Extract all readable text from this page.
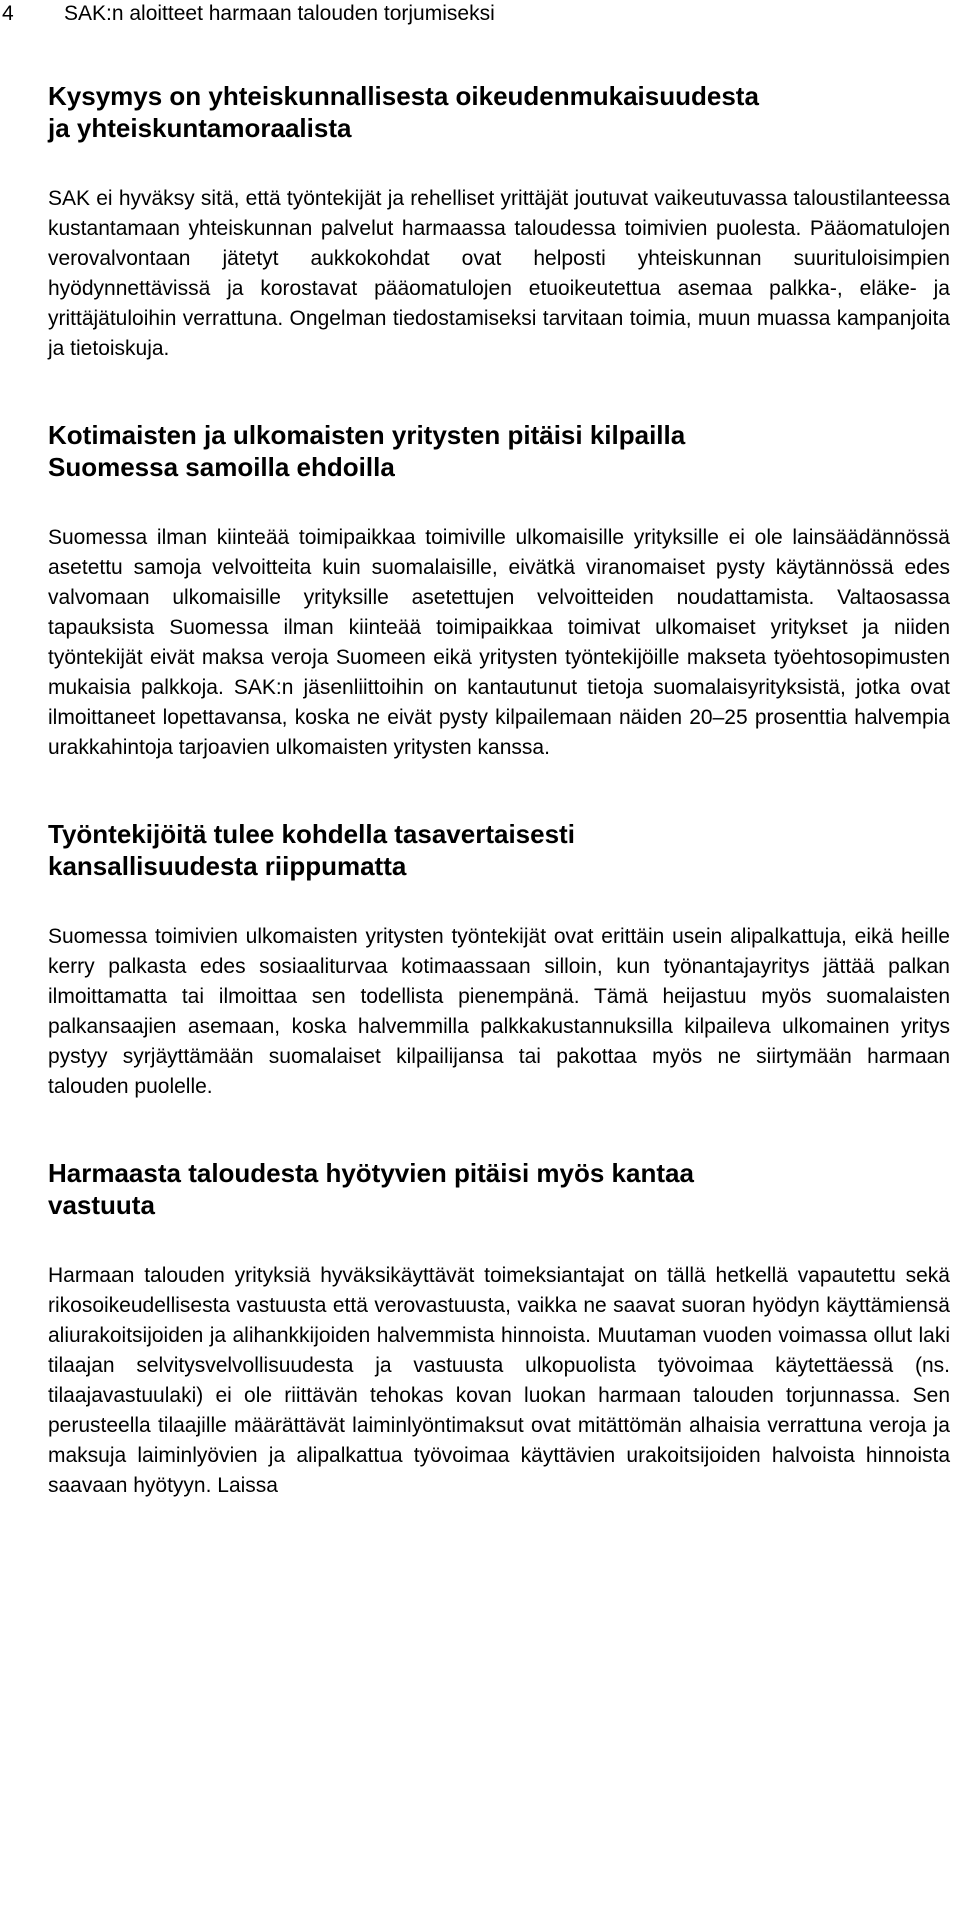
4 SAK:n aloitteet harmaan talouden torjumiseksi
Kysymys on yhteiskunnallisesta oikeudenmukaisuudesta
ja yhteiskuntamoraalista

SAK ei hyväksy sitä, että työntekijät ja rehelliset yrittäjät joutuvat vaikeutuvassa taloustilanteessa kustantamaan yhteiskunnan palvelut harmaassa taloudessa toimivien puolesta. Pääomatulojen verovalvontaan jätetyt aukkokohdat ovat helposti yhteiskunnan suurituloisimpien hyödynnettävissä ja korostavat pääomatulojen etuoikeutettua asemaa palkka-, eläke- ja yrittäjätuloihin verrattuna. Ongelman tiedostamiseksi tarvitaan toimia, muun muassa kampanjoita ja tietoiskuja.

Kotimaisten ja ulkomaisten yritysten pitäisi kilpailla
Suomessa samoilla ehdoilla

Suomessa ilman kiinteää toimipaikkaa toimiville ulkomaisille yrityksille ei ole lainsäädännössä asetettu samoja velvoitteita kuin suomalaisille, eivätkä viranomaiset pysty käytännössä edes valvomaan ulkomaisille yrityksille asetettujen velvoitteiden noudattamista. Valtaosassa tapauksista Suomessa ilman kiinteää toimipaikkaa toimivat ulkomaiset yritykset ja niiden työntekijät eivät maksa veroja Suomeen eikä yritysten työntekijöille makseta työehtosopimusten mukaisia palkkoja. SAK:n jäsenliittoihin on kantautunut tietoja suomalaisyrityksistä, jotka ovat ilmoittaneet lopettavansa, koska ne eivät pysty kilpailemaan näiden 20–25 prosenttia halvempia urakkahintoja tarjoavien ulkomaisten yritysten kanssa.

Työntekijöitä tulee kohdella tasavertaisesti
kansallisuudesta riippumatta

Suomessa toimivien ulkomaisten yritysten työntekijät ovat erittäin usein alipalkattuja, eikä heille kerry palkasta edes sosiaaliturvaa kotimaassaan silloin, kun työnantajayritys jättää palkan ilmoittamatta tai ilmoittaa sen todellista pienempänä. Tämä heijastuu myös suomalaisten palkansaajien asemaan, koska halvemmilla palkkakustannuksilla kilpaileva ulkomainen yritys pystyy syrjäyttämään suomalaiset kilpailijansa tai pakottaa myös ne siirtymään harmaan talouden puolelle.

Harmaasta taloudesta hyötyvien pitäisi myös kantaa
vastuuta

Harmaan talouden yrityksiä hyväksikäyttävät toimeksiantajat on tällä hetkellä vapautettu sekä rikosoikeudellisesta vastuusta että verovastuusta, vaikka ne saavat suoran hyödyn käyttämiensä aliurakoitsijoiden ja alihankkijoiden halvemmista hinnoista. Muutaman vuoden voimassa ollut laki tilaajan selvitysvelvollisuudesta ja vastuusta ulkopuolista työvoimaa käytettäessä (ns. tilaajavastuulaki) ei ole riittävän tehokas kovan luokan harmaan talouden torjunnassa. Sen perusteella tilaajille määrättävät laiminlyöntimaksut ovat mitättömän alhaisia verrattuna veroja ja maksuja laiminlyövien ja alipalkattua työvoimaa käyttävien urakoitsijoiden halvoista hinnoista saavaan hyötyyn. Laissa
